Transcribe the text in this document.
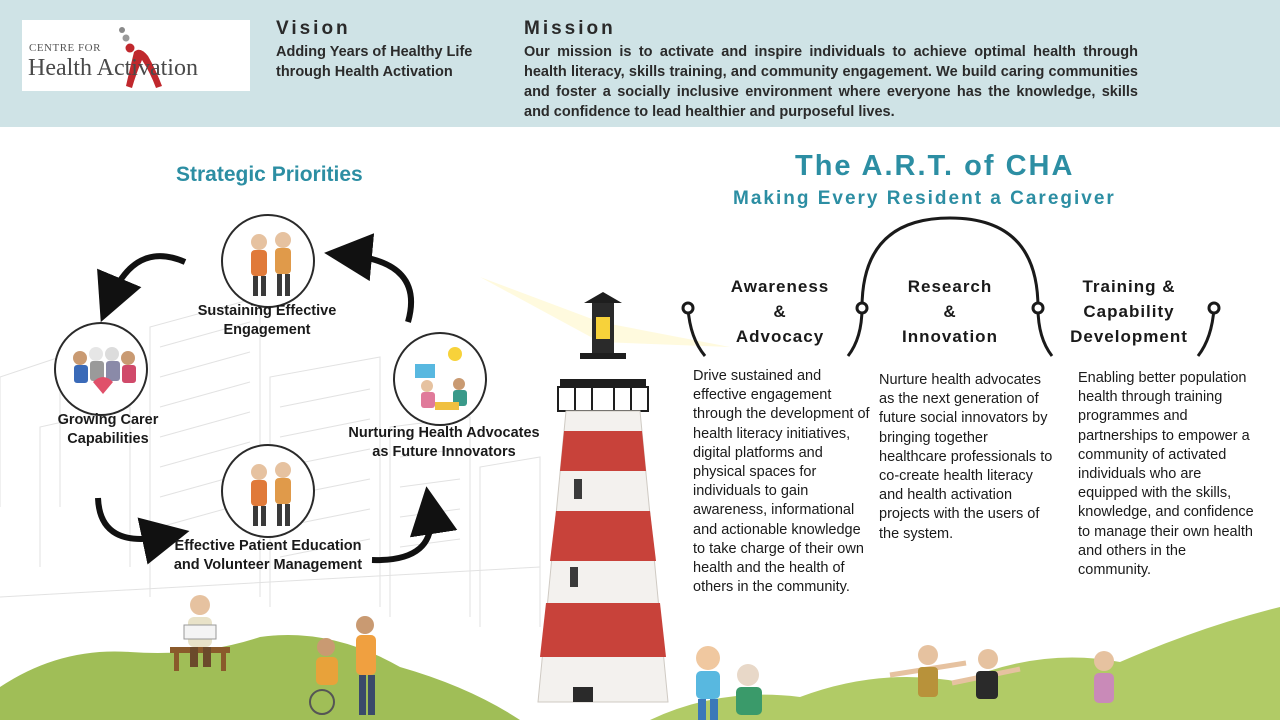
CENTRE FOR
Health Activation
Vision
Adding Years of Healthy Life through Health Activation
Mission
Our mission is to activate and inspire individuals to achieve optimal health through health literacy, skills training, and community engagement. We build caring communities and foster a socially inclusive environment where everyone has the knowledge, skills and confidence to lead healthier and purposeful lives.
Strategic Priorities
Sustaining Effective Engagement
Nurturing Health Advocates as Future Innovators
Effective Patient Education and Volunteer Management
Growing Carer Capabilities
The A.R.T. of CHA
Making Every Resident a Caregiver
Awareness
&
Advocacy
Drive sustained and effective engagement through the development of health literacy initiatives, digital platforms and physical spaces for individuals to gain awareness, informational and actionable knowledge to take charge of their own health and the health of others in the community.
Research
&
Innovation
Nurture health advocates as the next generation of future social innovators by bringing together healthcare professionals to co-create health literacy and health activation projects with the users of the system.
Training &
Capability
Development
Enabling better population health through training programmes and partnerships to empower a community of activated individuals who are equipped with the skills, knowledge, and confidence to manage their own health and others in the community.
